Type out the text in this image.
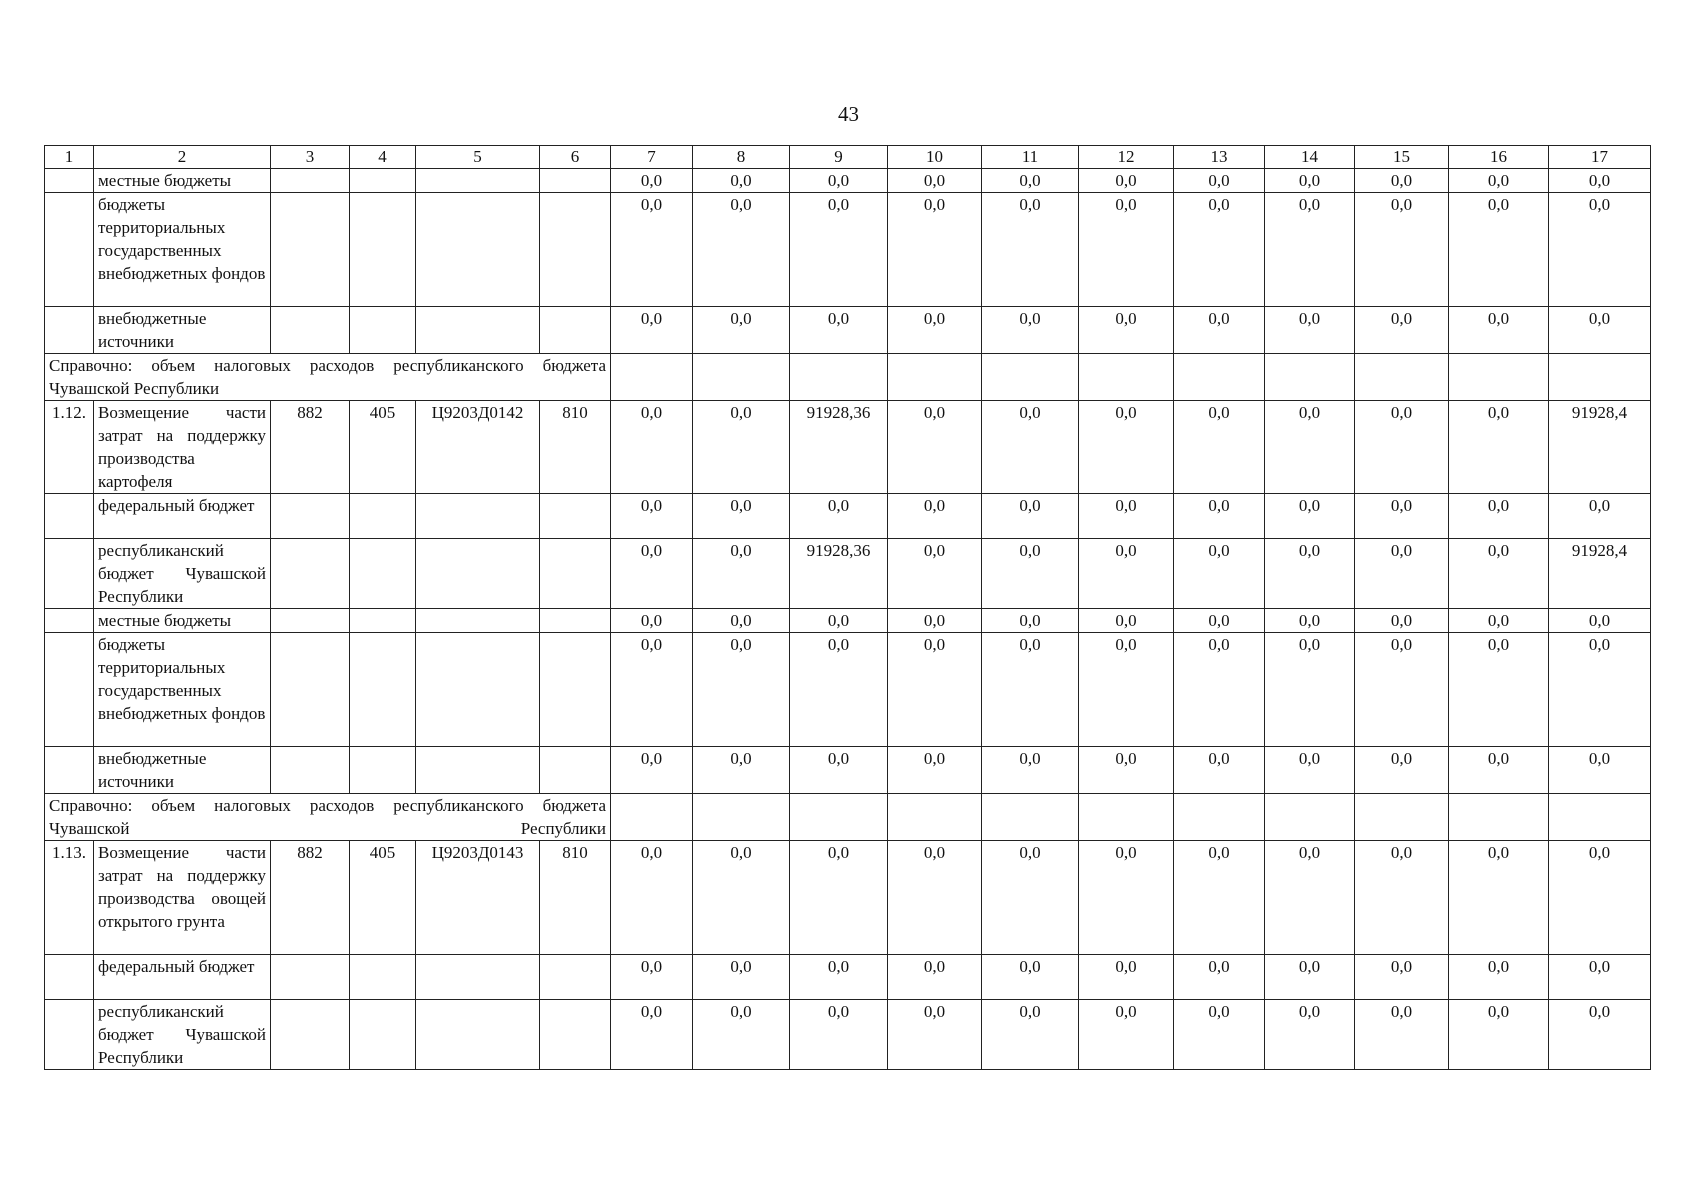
43
1	2	3	4	5	6	7	8	9	10	11	12	13	14	15	16	17
	местные бюджеты					0,0	0,0	0,0	0,0	0,0	0,0	0,0	0,0	0,0	0,0	0,0
	бюджеты территориальных государственных внебюджетных фондов					0,0	0,0	0,0	0,0	0,0	0,0	0,0	0,0	0,0	0,0	0,0
	внебюджетные источники					0,0	0,0	0,0	0,0	0,0	0,0	0,0	0,0	0,0	0,0	0,0
Справочно: объем налоговых расходов республиканского бюджета Чувашской Республики																
1.12.	Возмещение части затрат на поддержку производства картофеля	882	405	Ц9203Д0142	810	0,0	0,0	91928,36	0,0	0,0	0,0	0,0	0,0	0,0	0,0	91928,4
	федеральный бюджет					0,0	0,0	0,0	0,0	0,0	0,0	0,0	0,0	0,0	0,0	0,0
	республиканский бюджет Чувашской Республики					0,0	0,0	91928,36	0,0	0,0	0,0	0,0	0,0	0,0	0,0	91928,4
	местные бюджеты					0,0	0,0	0,0	0,0	0,0	0,0	0,0	0,0	0,0	0,0	0,0
	бюджеты территориальных государственных внебюджетных фондов					0,0	0,0	0,0	0,0	0,0	0,0	0,0	0,0	0,0	0,0	0,0
	внебюджетные источники					0,0	0,0	0,0	0,0	0,0	0,0	0,0	0,0	0,0	0,0	0,0
Справочно: объем налоговых расходов республиканского бюджета Чувашской Республики																
1.13.	Возмещение части затрат на поддержку производства овощей открытого грунта	882	405	Ц9203Д0143	810	0,0	0,0	0,0	0,0	0,0	0,0	0,0	0,0	0,0	0,0	0,0
	федеральный бюджет					0,0	0,0	0,0	0,0	0,0	0,0	0,0	0,0	0,0	0,0	0,0
	республиканский бюджет Чувашской Республики					0,0	0,0	0,0	0,0	0,0	0,0	0,0	0,0	0,0	0,0	0,0
